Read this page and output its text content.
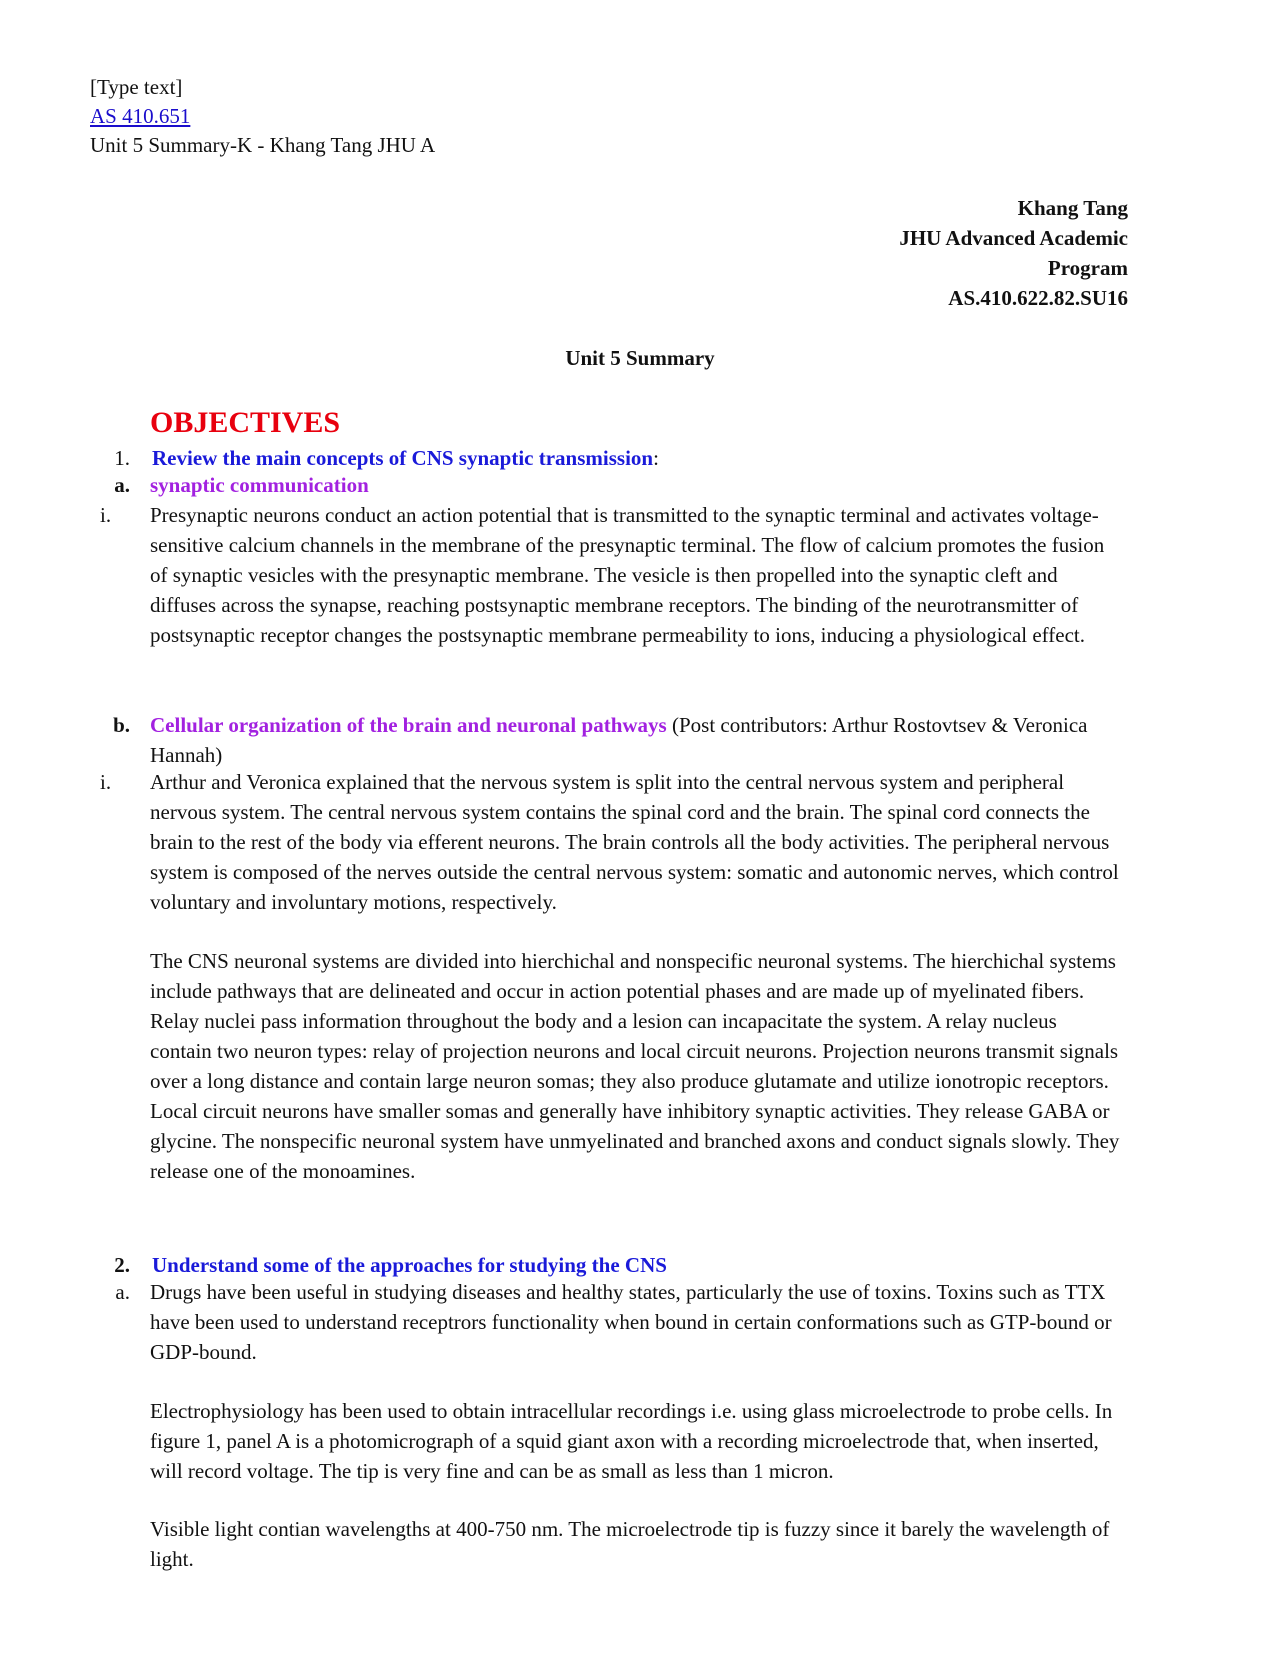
[Type text]
AS 410.651
Unit 5 Summary-K - Khang Tang JHU A
Khang Tang
JHU Advanced Academic
Program
AS.410.622.82.SU16
Unit 5 Summary
OBJECTIVES
1. Review the main concepts of CNS synaptic transmission:
a. synaptic communication
i.	Presynaptic neurons conduct an action potential that is transmitted to the synaptic terminal and activates voltage-sensitive calcium channels in the membrane of the presynaptic terminal. The flow of calcium promotes the fusion of synaptic vesicles with the presynaptic membrane. The vesicle is then propelled into the synaptic cleft and diffuses across the synapse, reaching postsynaptic membrane receptors. The binding of the neurotransmitter of postsynaptic receptor changes the postsynaptic membrane permeability to ions, inducing a physiological effect.
b. Cellular organization of the brain and neuronal pathways (Post contributors: Arthur Rostovtsev & Veronica Hannah)
i.	Arthur and Veronica explained that the nervous system is split into the central nervous system and peripheral nervous system. The central nervous system contains the spinal cord and the brain. The spinal cord connects the brain to the rest of the body via efferent neurons. The brain controls all the body activities. The peripheral nervous system is composed of the nerves outside the central nervous system: somatic and autonomic nerves, which control voluntary and involuntary motions, respectively.
The CNS neuronal systems are divided into hierchichal and nonspecific neuronal systems. The hierchichal systems include pathways that are delineated and occur in action potential phases and are made up of myelinated fibers. Relay nuclei pass information throughout the body and a lesion can incapacitate the system. A relay nucleus contain two neuron types: relay of projection neurons and local circuit neurons. Projection neurons transmit signals over a long distance and contain large neuron somas; they also produce glutamate and utilize ionotropic receptors. Local circuit neurons have smaller somas and generally have inhibitory synaptic activities. They release GABA or glycine. The nonspecific neuronal system have unmyelinated and branched axons and conduct signals slowly. They release one of the monoamines.
2. Understand some of the approaches for studying the CNS
a. Drugs have been useful in studying diseases and healthy states, particularly the use of toxins. Toxins such as TTX have been used to understand receptrors functionality when bound in certain conformations such as GTP-bound or GDP-bound.
Electrophysiology has been used to obtain intracellular recordings i.e. using glass microelectrode to probe cells. In figure 1, panel A is a photomicrograph of a squid giant axon with a recording microelectrode that, when inserted, will record voltage. The tip is very fine and can be as small as less than 1 micron.
Visible light contian wavelengths at 400-750 nm. The microelectrode tip is fuzzy since it barely the wavelength of light.
